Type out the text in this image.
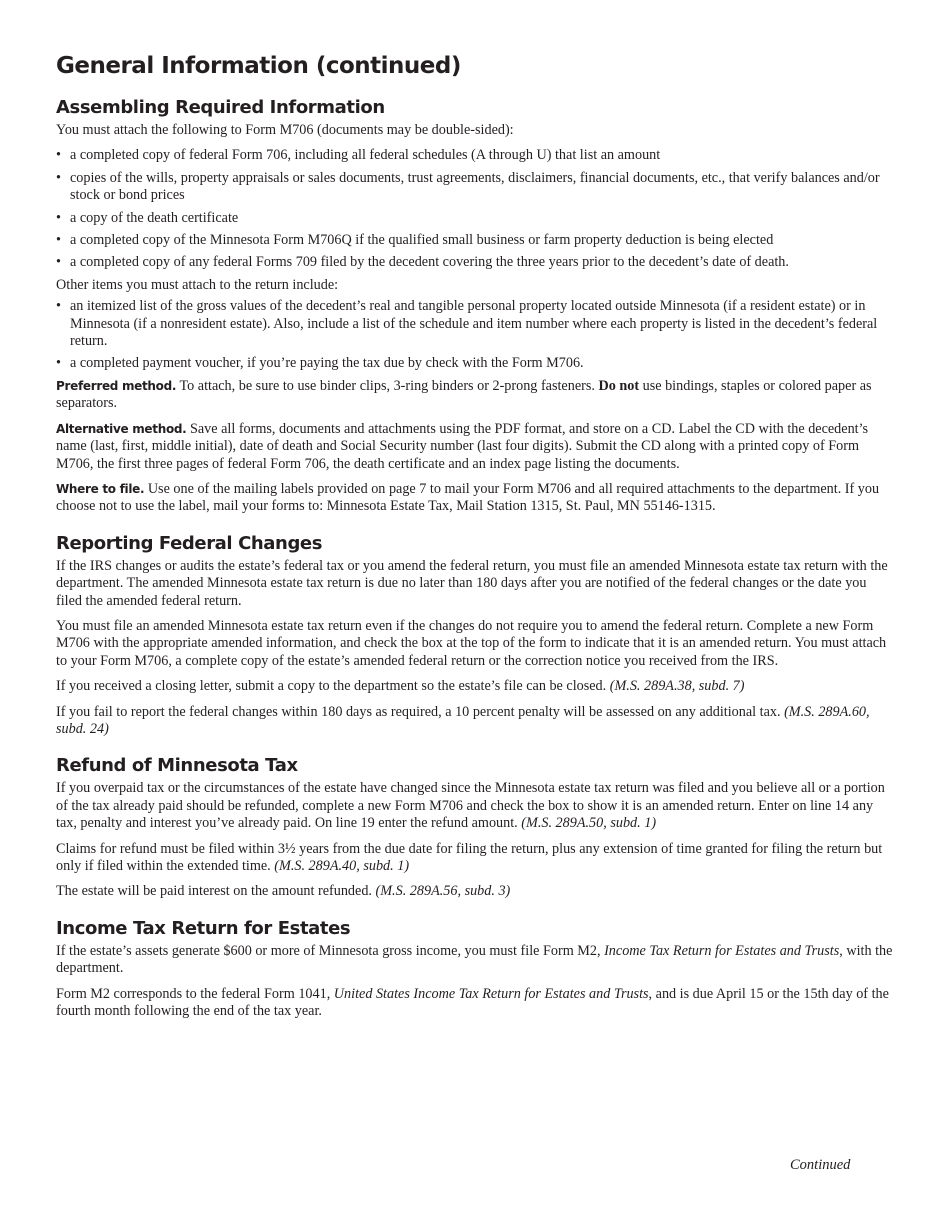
General Information (continued)
Assembling Required Information

You must attach the following to Form M706 (documents may be double-sided):

• a completed copy of federal Form 706, including all federal schedules (A through U) that list an amount
• copies of the wills, property appraisals or sales documents, trust agreements, disclaimers, financial documents, etc., that verify balances and/or stock or bond prices
• a copy of the death certificate
• a completed copy of the Minnesota Form M706Q if the qualified small business or farm property deduction is being elected
• a completed copy of any federal Forms 709 filed by the decedent covering the three years prior to the decedent’s date of death.

Other items you must attach to the return include:

• an itemized list of the gross values of the decedent’s real and tangible personal property located outside Minnesota (if a resident estate) or in Minnesota (if a nonresident estate). Also, include a list of the schedule and item number where each property is listed in the decedent’s federal return.
• a completed payment voucher, if you’re paying the tax due by check with the Form M706.

Preferred method. To attach, be sure to use binder clips, 3-ring binders or 2-prong fasteners. Do not use bindings, staples or colored paper as separators.

Alternative method. Save all forms, documents and attachments using the PDF format, and store on a CD. Label the CD with the decedent’s name (last, first, middle initial), date of death and Social Security number (last four digits). Submit the CD along with a printed copy of Form M706, the first three pages of federal Form 706, the death certificate and an index page listing the documents.

Where to file. Use one of the mailing labels provided on page 7 to mail your Form M706 and all required attachments to the department. If you choose not to use the label, mail your forms to: Minnesota Estate Tax, Mail Station 1315, St. Paul, MN 55146-1315.

Reporting Federal Changes

If the IRS changes or audits the estate’s federal tax or you amend the federal return, you must file an amended Minnesota estate tax return with the department. The amended Minnesota estate tax return is due no later than 180 days after you are notified of the federal changes or the date you filed the amended federal return.

You must file an amended Minnesota estate tax return even if the changes do not require you to amend the federal return. Complete a new Form M706 with the appropriate amended information, and check the box at the top of the form to indicate that it is an amended return. You must attach to your Form M706, a complete copy of the estate’s amended federal return or the correction notice you received from the IRS.

If you received a closing letter, submit a copy to the department so the estate’s file can be closed. (M.S. 289A.38, subd. 7)

If you fail to report the federal changes within 180 days as required, a 10 percent penalty will be assessed on any additional tax. (M.S. 289A.60, subd. 24)

Refund of Minnesota Tax

If you overpaid tax or the circumstances of the estate have changed since the Minnesota estate tax return was filed and you believe all or a portion of the tax already paid should be refunded, complete a new Form M706 and check the box to show it is an amended return. Enter on line 14 any tax, penalty and interest you’ve already paid. On line 19 enter the refund amount. (M.S. 289A.50, subd. 1)

Claims for refund must be filed within 3½ years from the due date for filing the return, plus any extension of time granted for filing the return but only if filed within the extended time. (M.S. 289A.40, subd. 1)

The estate will be paid interest on the amount refunded. (M.S. 289A.56, subd. 3)

Income Tax Return for Estates

If the estate’s assets generate $600 or more of Minnesota gross income, you must file Form M2, Income Tax Return for Estates and Trusts, with the department.

Form M2 corresponds to the federal Form 1041, United States Income Tax Return for Estates and Trusts, and is due April 15 or the 15th day of the fourth month following the end of the tax year.

Continued
